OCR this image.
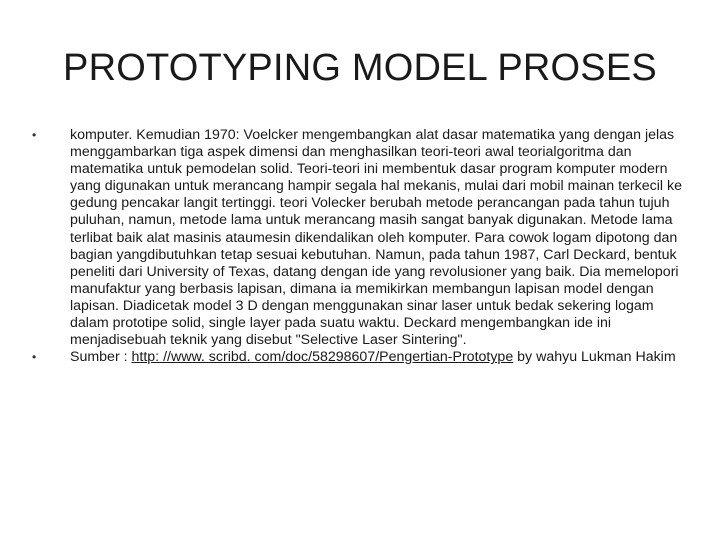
PROTOTYPING MODEL PROSES
•	komputer. Kemudian 1970: Voelcker mengembangkan alat dasar matematika yang dengan jelas menggambarkan tiga aspek dimensi dan menghasilkan teori-teori awal teorialgoritma dan matematika untuk pemodelan solid. Teori-teori ini membentuk dasar program komputer modern yang digunakan untuk merancang hampir segala hal mekanis, mulai dari mobil mainan terkecil ke gedung pencakar langit tertinggi. teori Volecker berubah metode perancangan pada tahun tujuh puluhan, namun, metode lama untuk merancang masih sangat banyak digunakan. Metode lama terlibat baik alat masinis ataumesin dikendalikan oleh komputer. Para cowok logam dipotong dan bagian yangdibutuhkan tetap sesuai kebutuhan. Namun, pada tahun 1987, Carl Deckard, bentuk peneliti dari University of Texas, datang dengan ide yang revolusioner yang baik. Dia memelopori manufaktur yang berbasis lapisan, dimana ia memikirkan membangun lapisan model dengan lapisan. Diadicetak model 3 D dengan menggunakan sinar laser untuk bedak sekering logam dalam prototipe solid, single layer pada suatu waktu. Deckard mengembangkan ide ini menjadisebuah teknik yang disebut "Selective Laser Sintering".
•	Sumber : http: //www. scribd. com/doc/58298607/Pengertian-Prototype by wahyu Lukman Hakim
